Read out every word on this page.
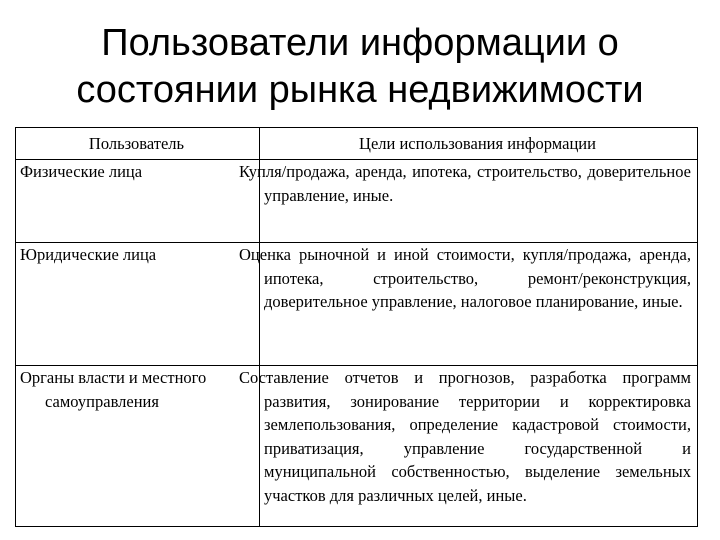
Пользователи информации о
состоянии рынка недвижимости
Пользователь	Цели использования информации

Физические лица	Купля/продажа, аренда, ипотека, строительство, доверительное управление, иные.

Юридические лица	Оценка рыночной и иной стоимости, купля/продажа, аренда, ипотека, строительство, ремонт/реконструкция, доверительное управление, налоговое планирование, иные.

Органы власти и местного самоуправления	Составление отчетов и прогнозов, разработка программ развития, зонирование территории и корректировка землепользования, определение кадастровой стоимости, приватизация, управление государственной и муниципальной собственностью, выделение земельных участков для различных целей, иные.
